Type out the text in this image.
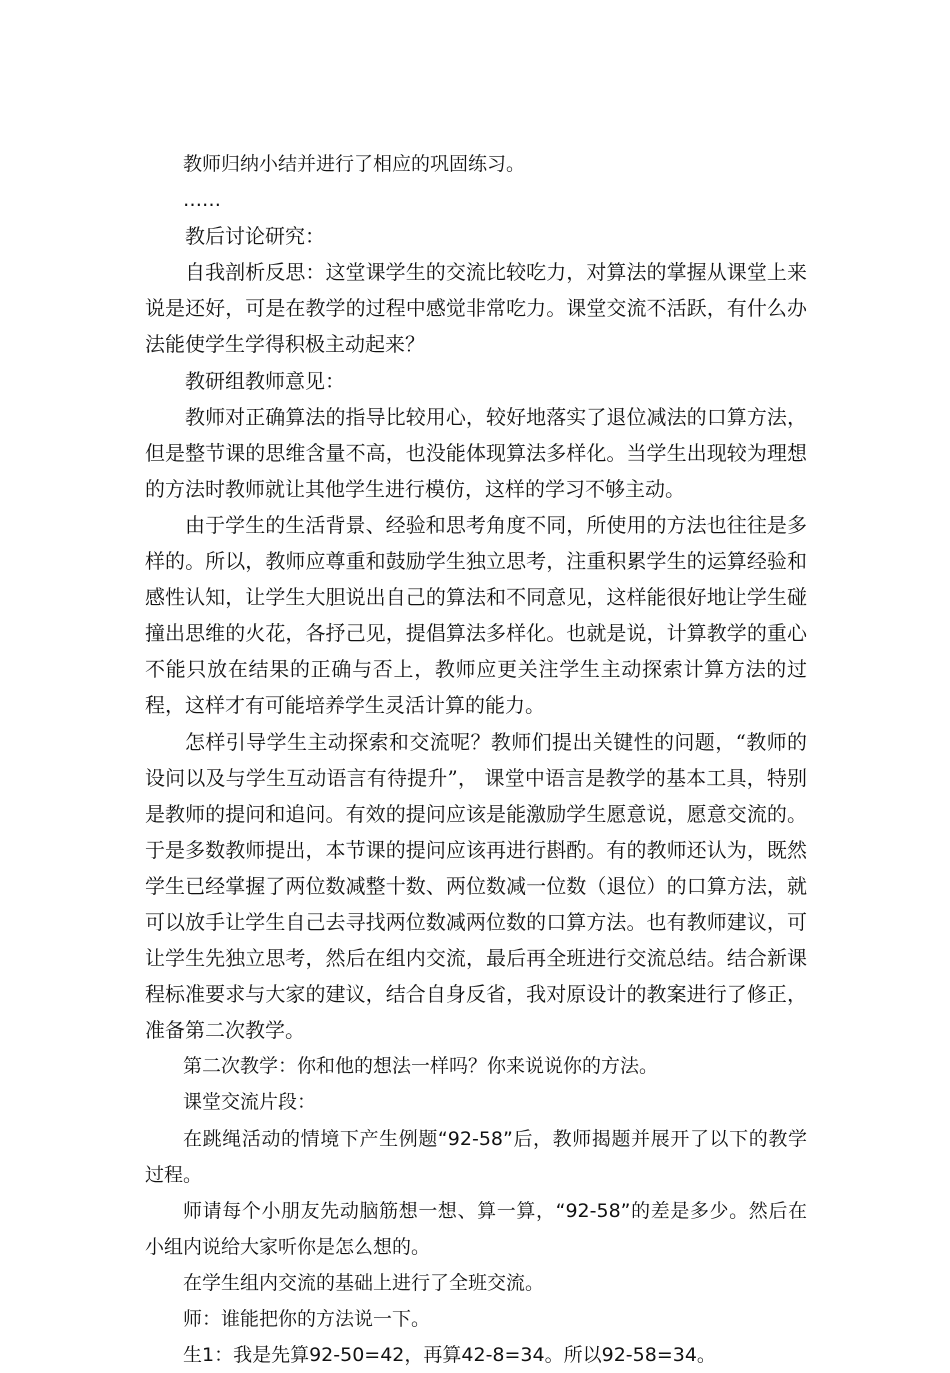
教师归纳小结并进行了相应的巩固练习。

……

教后讨论研究：

自我剖析反思：这堂课学生的交流比较吃力，对算法的掌握从课堂上来说是还好，可是在教学的过程中感觉非常吃力。课堂交流不活跃，有什么办法能使学生学得积极主动起来？

教研组教师意见：

教师对正确算法的指导比较用心，较好地落实了退位减法的口算方法，但是整节课的思维含量不高，也没能体现算法多样化。当学生出现较为理想的方法时教师就让其他学生进行模仿，这样的学习不够主动。

由于学生的生活背景、经验和思考角度不同，所使用的方法也往往是多样的。所以，教师应尊重和鼓励学生独立思考，注重积累学生的运算经验和感性认知，让学生大胆说出自己的算法和不同意见，这样能很好地让学生碰撞出思维的火花，各抒己见，提倡算法多样化。也就是说，计算教学的重心不能只放在结果的正确与否上，教师应更关注学生主动探索计算方法的过程，这样才有可能培养学生灵活计算的能力。

怎样引导学生主动探索和交流呢？教师们提出关键性的问题，“教师的设问以及与学生互动语言有待提升”， 课堂中语言是教学的基本工具，特别是教师的提问和追问。有效的提问应该是能激励学生愿意说，愿意交流的。于是多数教师提出，本节课的提问应该再进行斟酌。有的教师还认为，既然学生已经掌握了两位数减整十数、两位数减一位数（退位）的口算方法，就可以放手让学生自己去寻找两位数减两位数的口算方法。也有教师建议，可让学生先独立思考，然后在组内交流，最后再全班进行交流总结。结合新课程标准要求与大家的建议，结合自身反省，我对原设计的教案进行了修正，准备第二次教学。

第二次教学：你和他的想法一样吗？你来说说你的方法。

课堂交流片段：

在跳绳活动的情境下产生例题“92-58”后，教师揭题并展开了以下的教学过程。

师请每个小朋友先动脑筋想一想、算一算，“92-58”的差是多少。然后在小组内说给大家听你是怎么想的。

在学生组内交流的基础上进行了全班交流。

师：谁能把你的方法说一下。

生1：我是先算92-50=42，再算42-8=34。所以92-58=34。
